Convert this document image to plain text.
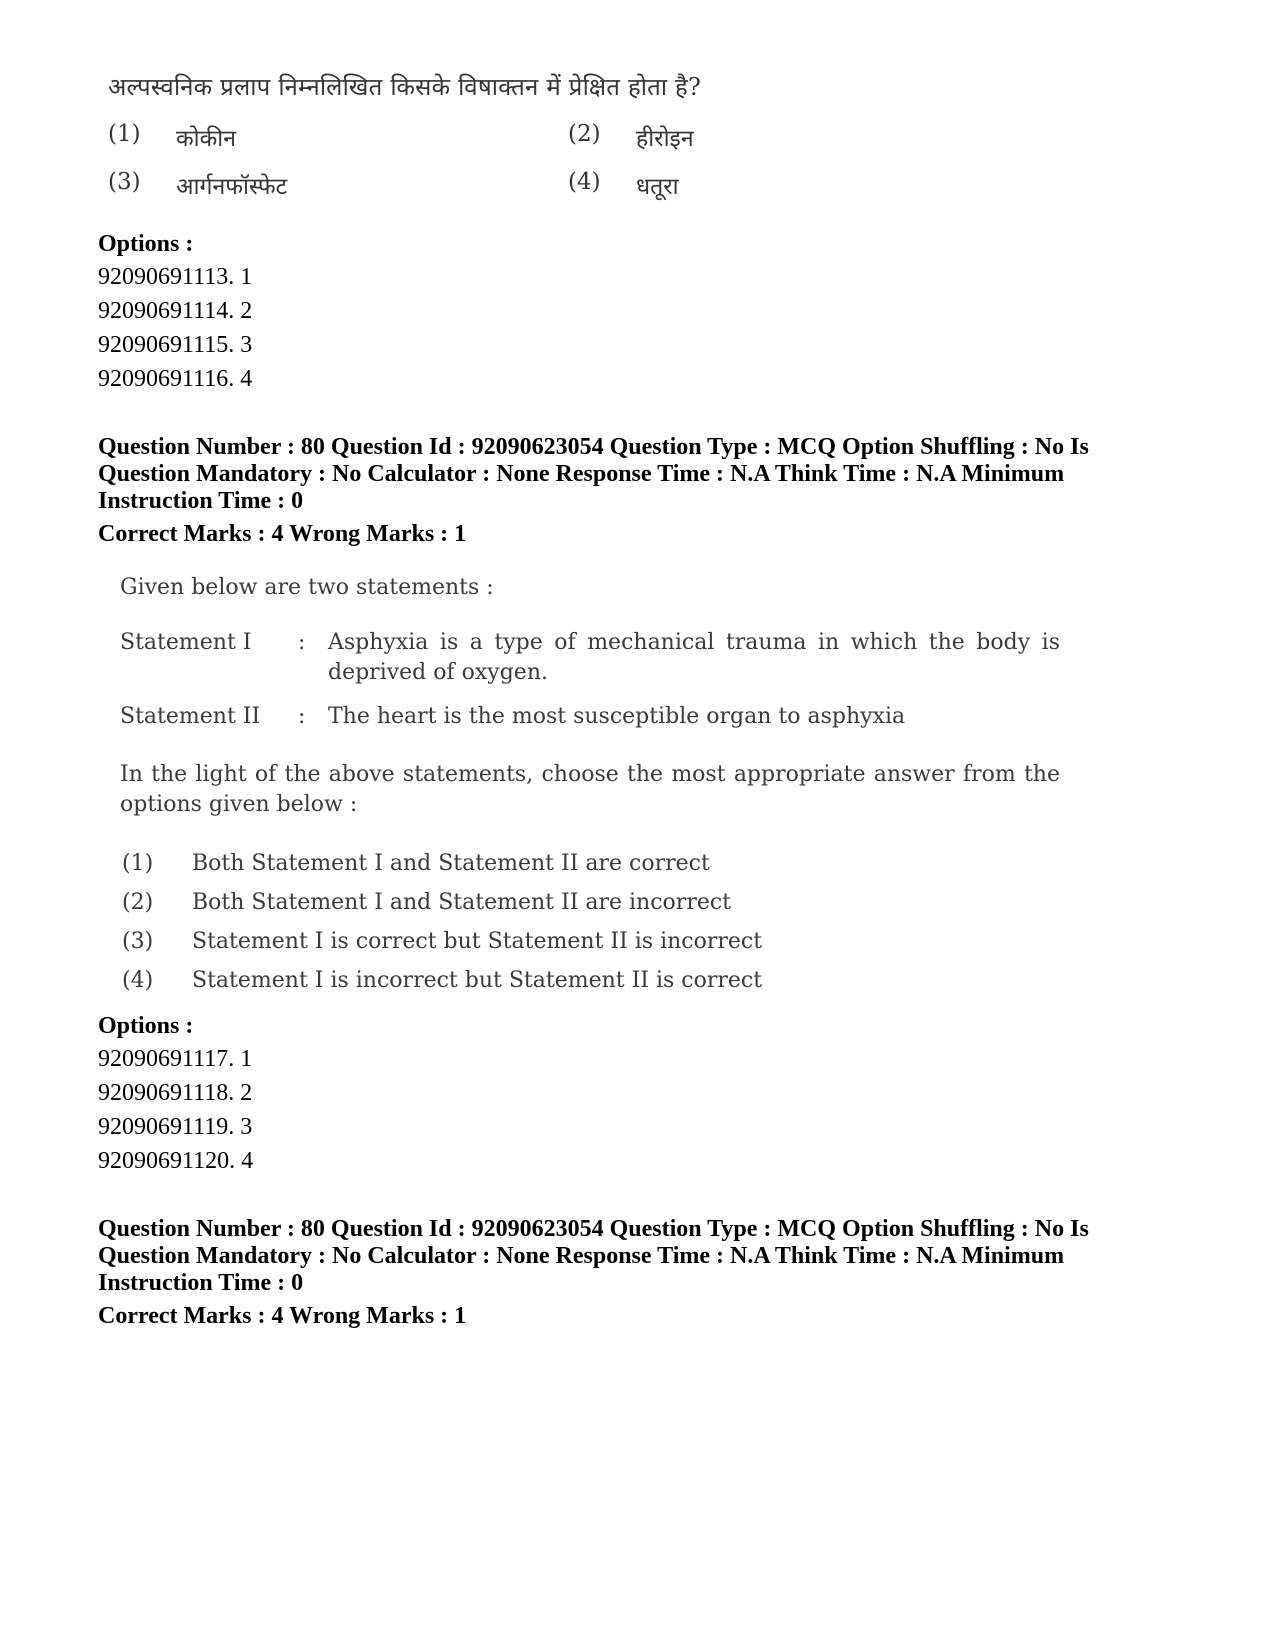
अल्पस्वनिक प्रलाप निम्नलिखित किसके विषाक्तन में प्रेक्षित होता है?
(1)	कोकीन	(2)	हीरोइन
(3)	आर्गनफॉस्फेट	(4)	धतूरा
Options :
92090691113. 1
92090691114. 2
92090691115. 3
92090691116. 4
Question Number : 80 Question Id : 92090623054 Question Type : MCQ Option Shuffling : No Is
Question Mandatory : No Calculator : None Response Time : N.A Think Time : N.A Minimum
Instruction Time : 0
Correct Marks : 4 Wrong Marks : 1
Given below are two statements :
Statement I	:	Asphyxia is a type of mechanical trauma in which the body is deprived of oxygen.
Statement II	:	The heart is the most susceptible organ to asphyxia
In the light of the above statements, choose the most appropriate answer from the options given below :
(1)	Both Statement I and Statement II are correct
(2)	Both Statement I and Statement II are incorrect
(3)	Statement I is correct but Statement II is incorrect
(4)	Statement I is incorrect but Statement II is correct
Options :
92090691117. 1
92090691118. 2
92090691119. 3
92090691120. 4
Question Number : 80 Question Id : 92090623054 Question Type : MCQ Option Shuffling : No Is
Question Mandatory : No Calculator : None Response Time : N.A Think Time : N.A Minimum
Instruction Time : 0
Correct Marks : 4 Wrong Marks : 1
